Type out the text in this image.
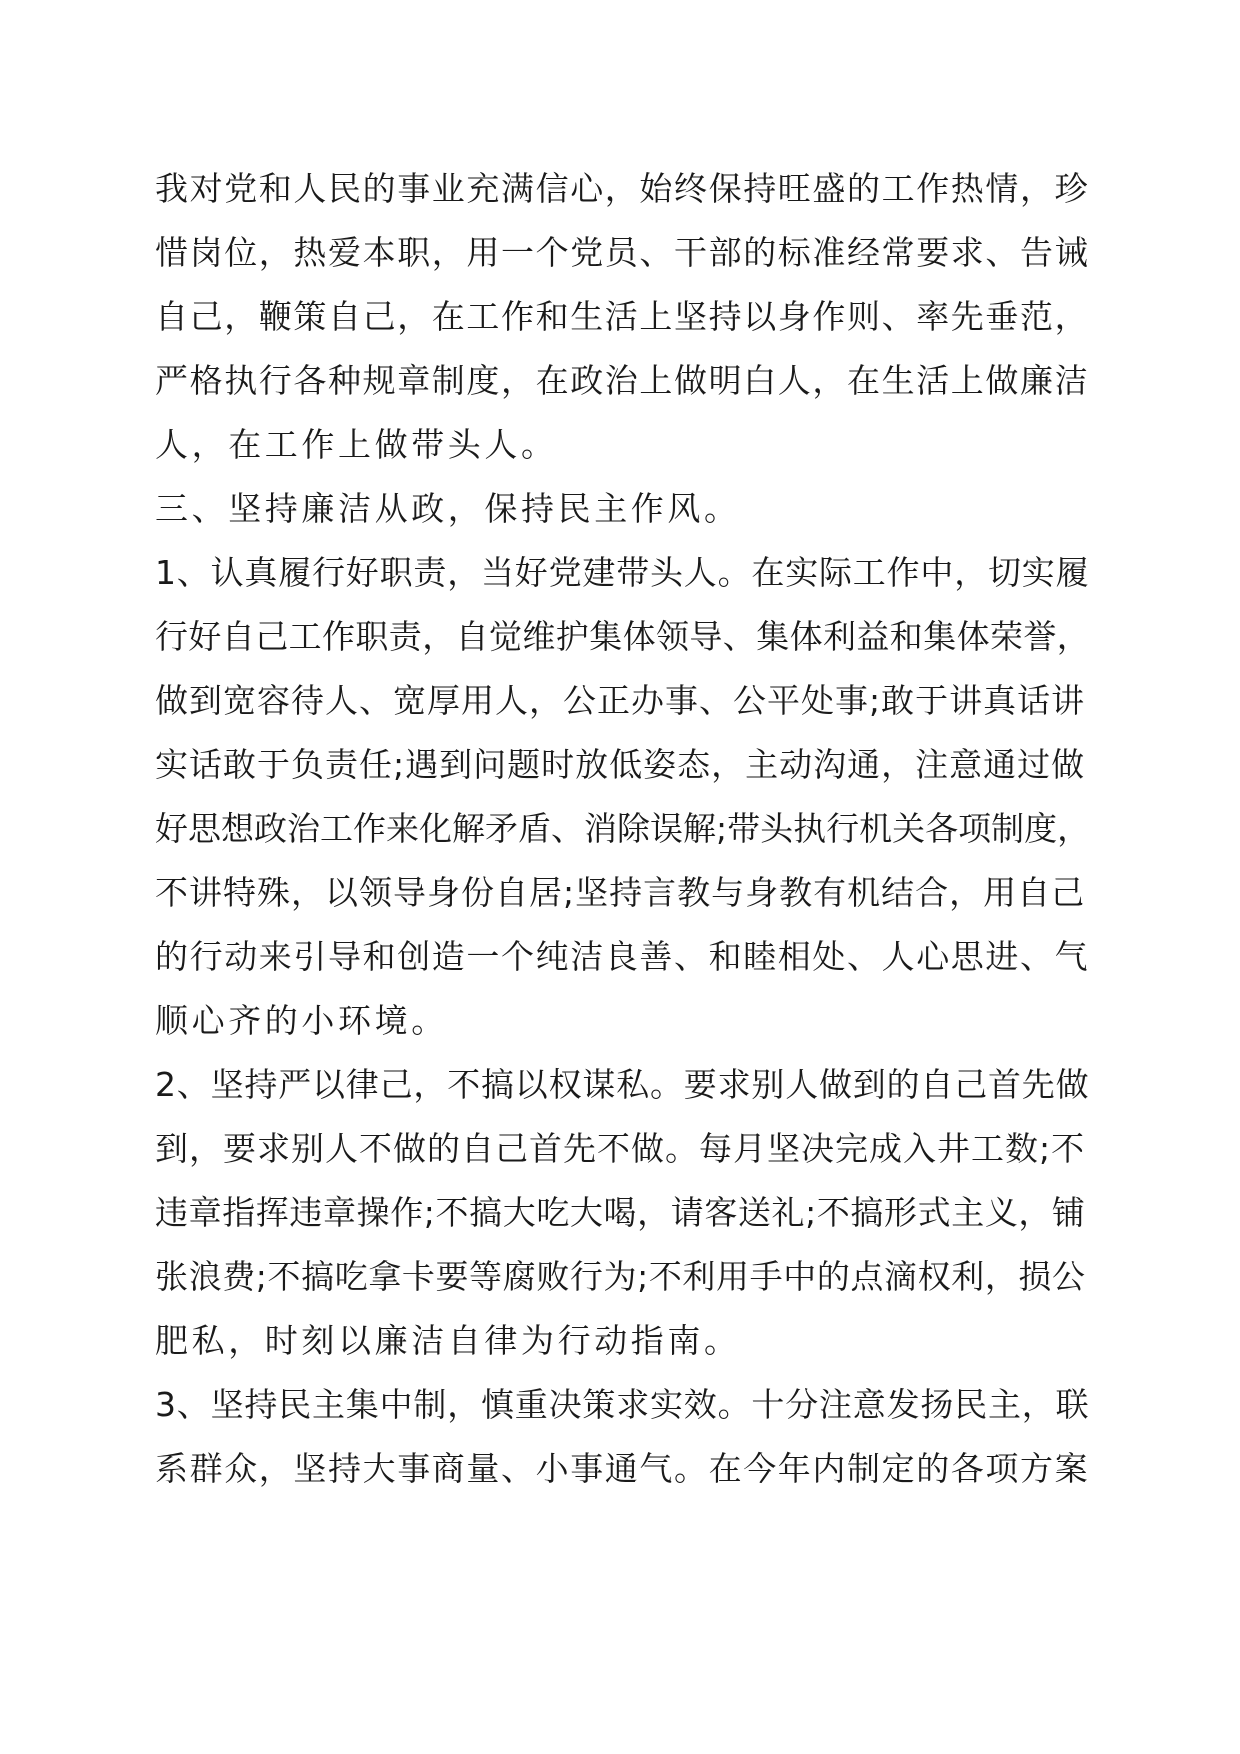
我对党和人民的事业充满信心，始终保持旺盛的工作热情，珍
惜岗位，热爱本职，用一个党员、干部的标准经常要求、告诫
自己，鞭策自己，在工作和生活上坚持以身作则、率先垂范，
严格执行各种规章制度，在政治上做明白人，在生活上做廉洁
人，在工作上做带头人。
三、坚持廉洁从政，保持民主作风。
1、认真履行好职责，当好党建带头人。在实际工作中，切实履
行好自己工作职责，自觉维护集体领导、集体利益和集体荣誉，
做到宽容待人、宽厚用人，公正办事、公平处事;敢于讲真话讲
实话敢于负责任;遇到问题时放低姿态，主动沟通，注意通过做
好思想政治工作来化解矛盾、消除误解;带头执行机关各项制度，
不讲特殊，以领导身份自居;坚持言教与身教有机结合，用自己
的行动来引导和创造一个纯洁良善、和睦相处、人心思进、气
顺心齐的小环境。
2、坚持严以律己，不搞以权谋私。要求别人做到的自己首先做
到，要求别人不做的自己首先不做。每月坚决完成入井工数;不
违章指挥违章操作;不搞大吃大喝，请客送礼;不搞形式主义，铺
张浪费;不搞吃拿卡要等腐败行为;不利用手中的点滴权利，损公
肥私，时刻以廉洁自律为行动指南。
3、坚持民主集中制，慎重决策求实效。十分注意发扬民主，联
系群众，坚持大事商量、小事通气。在今年内制定的各项方案
